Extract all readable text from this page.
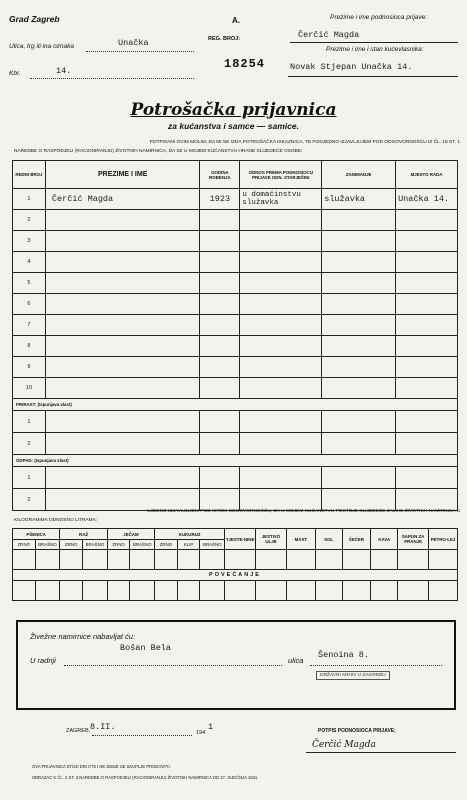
Grad Zagreb
Ulica, trg ili ina oznaka	Unačka
Kbr.	14.
A.
REG. BROJ:
18254
Prezime i ime podnosioca prijave:
Čerčić Magda
Prezime i ime i stan kućevlasnika:
Novak Stjepan Unačka 14.
Potrošačka prijavnica
za kućanstva i samce — samice.
POTPISANI OVIM MOLIM, DA MI SE IZDA POTROŠAČKA ISKAZNICA, TE PODJEDNO IZJAVLJUJEM POD ODGOVORNOŠĆU IZ ČL. 18 ST. 1
NAREDBE O RASPODJELI (RACIONIRANJU) ŽIVOTNIH NAMIRNICA, DA SE U MOJEM KUĆANSTVU HRANE SLIJEDEĆE OSOBE:
REDNI BROJ	PREZIME I IME	GODINA ROĐENJA	ODNOS PREMA PODNOSIOCU PRIJAVE ODN. STARJEŠINI	ZANIMANJE	MJESTO RADA
1	Čerčić Magda	1923	u domaćinstvu služavka	služavka	Unačka 14.
2					
3					
4					
5					
6					
7					
8					
9					
10					
PRIRAST: (Ispunjava vlast)					
1					
2					
ODPAD: (Ispunjava vlast)					
1					
2					
UJEDNO IZJAVLJUJEM POD ISTOM ODGOVORNOŠĆU, DA U MOJEM KUĆANSTVU POSTOJE SLIJEDEĆE ZALIHE ŽIVOTNIH NAMIRNICA U
KILOGRAMIMA ODNOSNO LITRAMA:
PŠENICA		RAŽ		JEČAM		KUKURUZ			TJESTE-NINE	JESTIVO ULJE	MAST	SOL	ŠEĆER	KAVA	SAPUN ZA PRANJE	PETRO-LEJ
ZRNO	BRAŠNO	ZRNO	BRAŠNO	ZRNO	BRAŠNO	ZRNO	KLIP	BRAŠNO								

POVEĆANJE																

Živežne namirnice nabavljat ću:
U radnji
Bošan Bela
ulica
Šenoina 8.
DRŽAVNI ARHIV U ZAGREBU
ZAGREB, 8.II.
194
1	POTPIS PODNOSIOCA PRIJAVE:
Čerčić Magda
OVA PRIJAVNICA STOJI DIN 0'75 I NE SMIJE SE SKUPLJE PRODAVATI.
OBRAZAC K ČL. 2 ST. 3 NAREDBE O RASPODJELI (RACIONIRANJU) ŽIVOTNIH NAMIRNICA OD 27. SIJEČNJA 1941.
